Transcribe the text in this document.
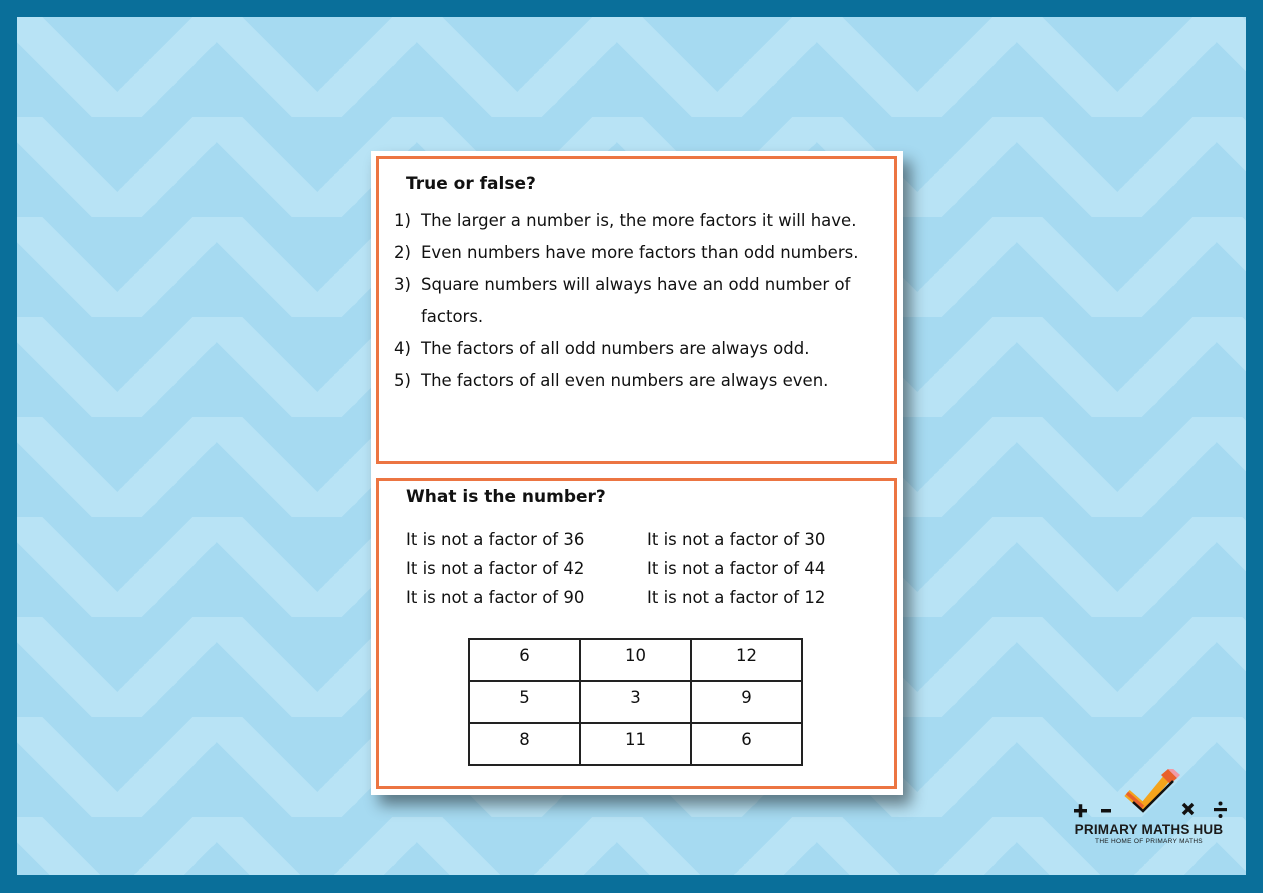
True or false?
1) The larger a number is, the more factors it will have.
2) Even numbers have more factors than odd numbers.
3) Square numbers will always have an odd number of factors.
4) The factors of all odd numbers are always odd.
5) The factors of all even numbers are always even.
What is the number?
It is not a factor of 36	It is not a factor of 30
It is not a factor of 42	It is not a factor of 44
It is not a factor of 90	It is not a factor of 12
6	10	12
5	3	9
8	11	6
PRIMARY MATHS HUB
THE HOME OF PRIMARY MATHS
